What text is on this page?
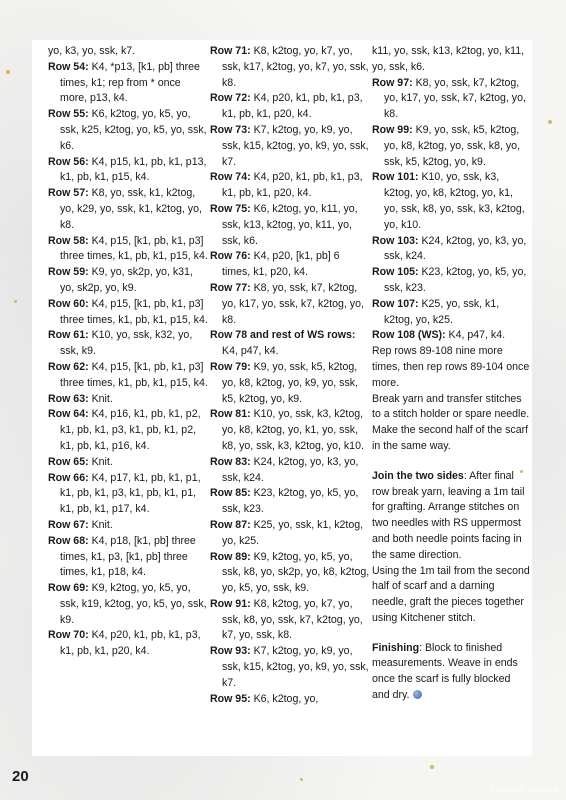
yo, k3, yo, ssk, k7.

Row 54: K4, *p13, [k1, pb] three times, k1; rep from * once more, p13, k4.

Row 55: K6, k2tog, yo, k5, yo, ssk, k25, k2tog, yo, k5, yo, ssk, k6.

Row 56: K4, p15, k1, pb, k1, p13, k1, pb, k1, p15, k4.

Row 57: K8, yo, ssk, k1, k2tog, yo, k29, yo, ssk, k1, k2tog, yo, k8.

Row 58: K4, p15, [k1, pb, k1, p3] three times, k1, pb, k1, p15, k4.

Row 59: K9, yo, sk2p, yo, k31, yo, sk2p, yo, k9.

Row 60: K4, p15, [k1, pb, k1, p3] three times, k1, pb, k1, p15, k4.

Row 61: K10, yo, ssk, k32, yo, ssk, k9.

Row 62: K4, p15, [k1, pb, k1, p3] three times, k1, pb, k1, p15, k4.

Row 63: Knit.

Row 64: K4, p16, k1, pb, k1, p2, k1, pb, k1, p3, k1, pb, k1, p2, k1, pb, k1, p16, k4.

Row 65: Knit.

Row 66: K4, p17, k1, pb, k1, p1, k1, pb, k1, p3, k1, pb, k1, p1, k1, pb, k1, p17, k4.

Row 67: Knit.

Row 68: K4, p18, [k1, pb] three times, k1, p3, [k1, pb] three times, k1, p18, k4.

Row 69: K9, k2tog, yo, k5, yo, ssk, k19, k2tog, yo, k5, yo, ssk, k9.

Row 70: K4, p20, k1, pb, k1, p3, k1, pb, k1, p20, k4.

Row 71: K8, k2tog, yo, k7, yo, ssk, k17, k2tog, yo, k7, yo, ssk, k8.

Row 72: K4, p20, k1, pb, k1, p3, k1, pb, k1, p20, k4.

Row 73: K7, k2tog, yo, k9, yo, ssk, k15, k2tog, yo, k9, yo, ssk, k7.

Row 74: K4, p20, k1, pb, k1, p3, k1, pb, k1, p20, k4.

Row 75: K6, k2tog, yo, k11, yo, ssk, k13, k2tog, yo, k11, yo, ssk, k6.

Row 76: K4, p20, [k1, pb] 6 times, k1, p20, k4.

Row 77: K8, yo, ssk, k7, k2tog, yo, k17, yo, ssk, k7, k2tog, yo, k8.

Row 78 and rest of WS rows: K4, p47, k4.

Row 79: K9, yo, ssk, k5, k2tog, yo, k8, k2tog, yo, k9, yo, ssk, k5, k2tog, yo, k9.

Row 81: K10, yo, ssk, k3, k2tog, yo, k8, k2tog, yo, k1, yo, ssk, k8, yo, ssk, k3, k2tog, yo, k10.

Row 83: K24, k2tog, yo, k3, yo, ssk, k24.

Row 85: K23, k2tog, yo, k5, yo, ssk, k23.

Row 87: K25, yo, ssk, k1, k2tog, yo, k25.

Row 89: K9, k2tog, yo, k5, yo, ssk, k8, yo, sk2p, yo, k8, k2tog, yo, k5, yo, ssk, k9.

Row 91: K8, k2tog, yo, k7, yo, ssk, k8, yo, ssk, k7, k2tog, yo, k7, yo, ssk, k8.

Row 93: K7, k2tog, yo, k9, yo, ssk, k15, k2tog, yo, k9, yo, ssk, k7.

Row 95: K6, k2tog, yo,

k11, yo, ssk, k13, k2tog, yo, k11, yo, ssk, k6.

Row 97: K8, yo, ssk, k7, k2tog, yo, k17, yo, ssk, k7, k2tog, yo, k8.

Row 99: K9, yo, ssk, k5, k2tog, yo, k8, k2tog, yo, ssk, k8, yo, ssk, k5, k2tog, yo, k9.

Row 101: K10, yo, ssk, k3, k2tog, yo, k8, k2tog, yo, k1, yo, ssk, k8, yo, ssk, k3, k2tog, yo, k10.

Row 103: K24, k2tog, yo, k3, yo, ssk, k24.

Row 105: K23, k2tog, yo, k5, yo, ssk, k23.

Row 107: K25, yo, ssk, k1, k2tog, yo, k25.

Row 108 (WS): K4, p47, k4.

Rep rows 89-108 nine more times, then rep rows 89-104 once more.

Break yarn and transfer stitches to a stitch holder or spare needle.

Make the second half of the scarf in the same way.

Join the two sides: After final row break yarn, leaving a 1m tail for grafting. Arrange stitches on two needles with RS uppermost and both needle points facing in the same direction.

Using the 1m tail from the second half of scarf and a darning needle, graft the pieces together using Kitchener stitch.

Finishing: Block to finished measurements. Weave in ends once the scarf is fully blocked and dry.

20
PassionForum.ru
